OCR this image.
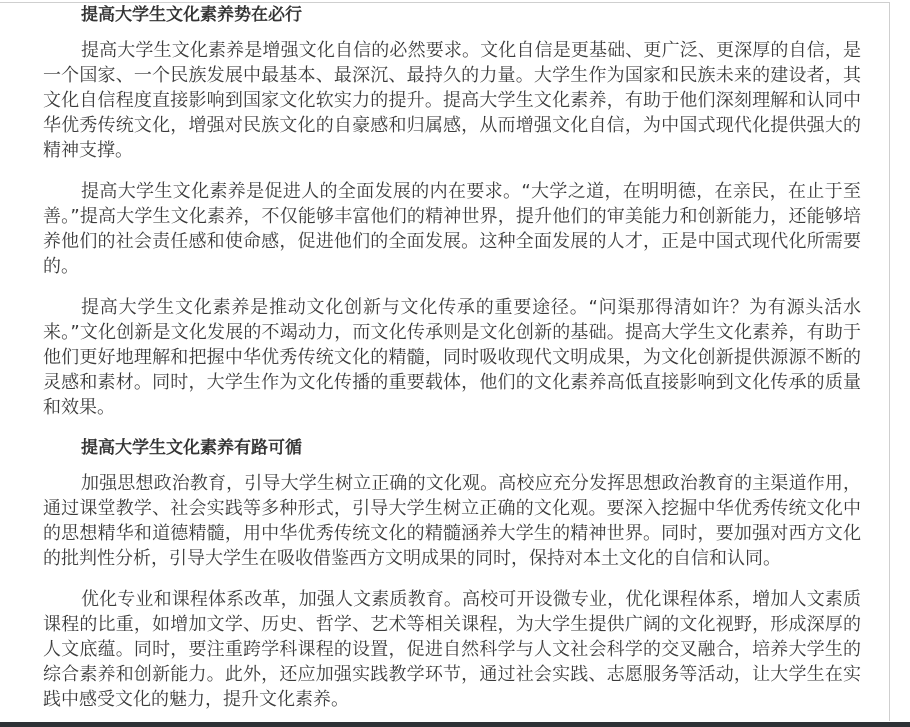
提高大学生文化素养势在必行

提高大学生文化素养是增强文化自信的必然要求。文化自信是更基础、更广泛、更深厚的自信，是一个国家、一个民族发展中最基本、最深沉、最持久的力量。大学生作为国家和民族未来的建设者，其文化自信程度直接影响到国家文化软实力的提升。提高大学生文化素养，有助于他们深刻理解和认同中华优秀传统文化，增强对民族文化的自豪感和归属感，从而增强文化自信，为中国式现代化提供强大的精神支撑。

提高大学生文化素养是促进人的全面发展的内在要求。“大学之道，在明明德，在亲民，在止于至善。”提高大学生文化素养，不仅能够丰富他们的精神世界，提升他们的审美能力和创新能力，还能够培养他们的社会责任感和使命感，促进他们的全面发展。这种全面发展的人才，正是中国式现代化所需要的。

提高大学生文化素养是推动文化创新与文化传承的重要途径。“问渠那得清如许？为有源头活水来。”文化创新是文化发展的不竭动力，而文化传承则是文化创新的基础。提高大学生文化素养，有助于他们更好地理解和把握中华优秀传统文化的精髓，同时吸收现代文明成果，为文化创新提供源源不断的灵感和素材。同时，大学生作为文化传播的重要载体，他们的文化素养高低直接影响到文化传承的质量和效果。

提高大学生文化素养有路可循

加强思想政治教育，引导大学生树立正确的文化观。高校应充分发挥思想政治教育的主渠道作用，通过课堂教学、社会实践等多种形式，引导大学生树立正确的文化观。要深入挖掘中华优秀传统文化中的思想精华和道德精髓，用中华优秀传统文化的精髓涵养大学生的精神世界。同时，要加强对西方文化的批判性分析，引导大学生在吸收借鉴西方文明成果的同时，保持对本土文化的自信和认同。

优化专业和课程体系改革，加强人文素质教育。高校可开设微专业，优化课程体系，增加人文素质课程的比重，如增加文学、历史、哲学、艺术等相关课程，为大学生提供广阔的文化视野，形成深厚的人文底蕴。同时，要注重跨学科课程的设置，促进自然科学与人文社会科学的交叉融合，培养大学生的综合素养和创新能力。此外，还应加强实践教学环节，通过社会实践、志愿服务等活动，让大学生在实践中感受文化的魅力，提升文化素养。
